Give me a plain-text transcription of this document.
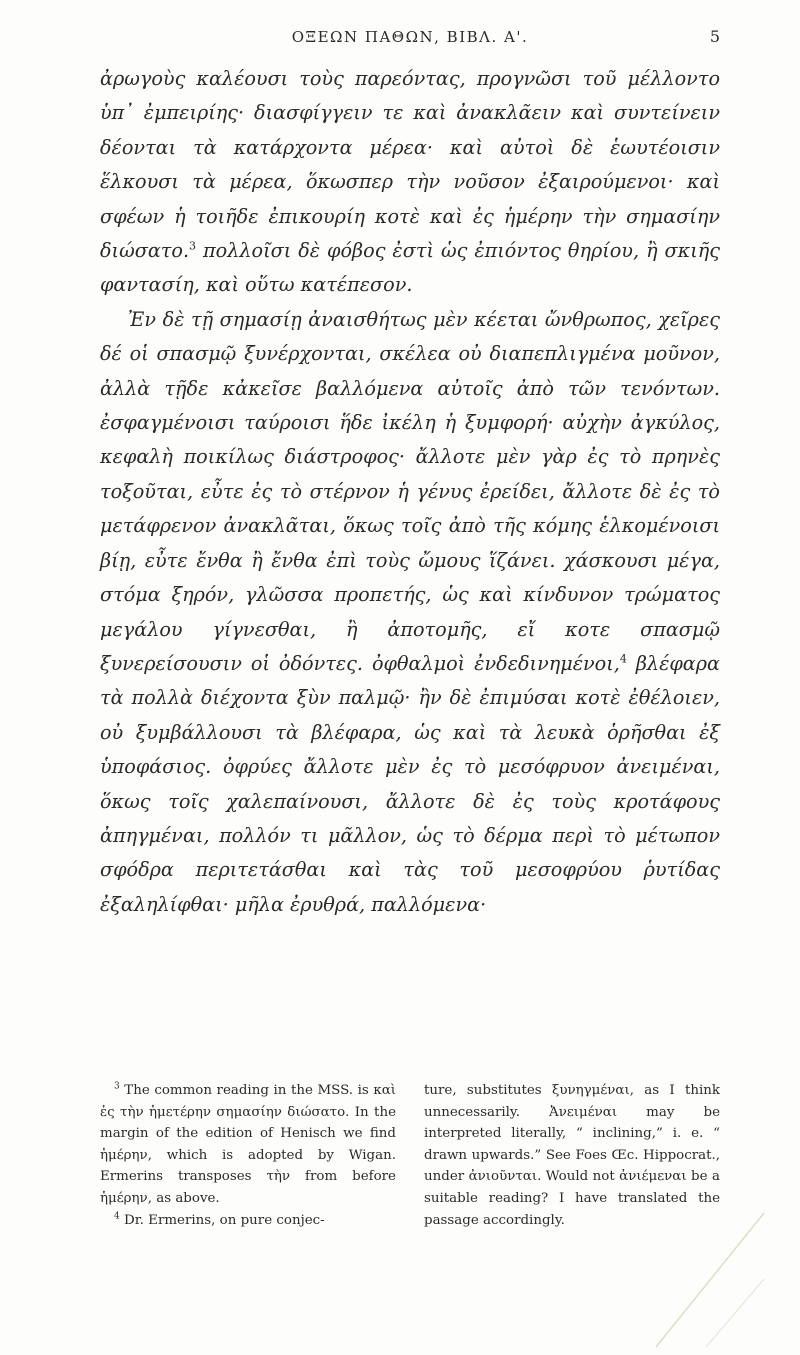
ΟΞΕΩΝ ΠΑΘΩΝ, ΒΙΒΛ. Α'.	5

ἀρωγοὺς καλέουσι τοὺς παρεόντας, προγνῶσι τοῦ μέλλοντο ὑπ᾿ ἐμπειρίης· διασφίγγειν τε καὶ ἀνακλᾶειν καὶ συντείνειν δέονται τὰ κατάρχοντα μέρεα· καὶ αὐτοὶ δὲ ἑωυτέοισιν ἕλκουσι τὰ μέρεα, ὅκωσπερ τὴν νοῦσον ἐξαιρούμενοι· καὶ σφέων ἡ τοιῆδε ἐπικουρίη κοτὲ καὶ ἐς ἡμέρην τὴν σημασίην διώσατο.$^3$ πολλοῖσι δὲ φόβος ἐστὶ ὡς ἐπιόντος θηρίου, ἢ σκιῆς φαντασίη, καὶ οὕτω κατέπεσον.

Ἐν δὲ τῇ σημασίῃ ἀναισθήτως μὲν κέεται ὤνθρωπος, χεῖρες δέ οἱ σπασμῷ ξυνέρχονται, σκέλεα οὐ διαπεπλιγμένα μοῦνον, ἀλλὰ τῇδε κἀκεῖσε βαλλόμενα αὐτοῖς ἀπὸ τῶν τενόντων. ἐσφαγμένοισι ταύροισι ἥδε ἰκέλη ἡ ξυμφορή· αὐχὴν ἀγκύλος, κεφαλὴ ποικίλως διάστροφος· ἄλλοτε μὲν γὰρ ἐς τὸ πρηνὲς τοξοῦται, εὖτε ἐς τὸ στέρνον ἡ γένυς ἐρείδει, ἄλλοτε δὲ ἐς τὸ μετάφρενον ἀνακλᾶται, ὅκως τοῖς ἀπὸ τῆς κόμης ἑλκομένοισι βίῃ, εὖτε ἔνθα ἢ ἔνθα ἐπὶ τοὺς ὤμους ἵζάνει. χάσκουσι μέγα, στόμα ξηρόν, γλῶσσα προπετής, ὡς καὶ κίνδυνον τρώματος μεγάλου γίγνεσθαι, ἢ ἀποτομῆς, εἴ κοτε σπασμῷ ξυνερείσουσιν οἱ ὀδόντες. ὀφθαλμοὶ ἐνδεδινημένοι,$^4$ βλέφαρα τὰ πολλὰ διέχοντα ξὺν παλμῷ· ἢν δὲ ἐπιμύσαι κοτὲ ἐθέλοιεν, οὐ ξυμβάλλουσι τὰ βλέφαρα, ὡς καὶ τὰ λευκὰ ὁρῆσθαι ἐξ ὑποφάσιος. ὀφρύες ἄλλοτε μὲν ἐς τὸ μεσόφρυον ἀνειμέναι, ὅκως τοῖς χαλεπαίνουσι, ἄλλοτε δὲ ἐς τοὺς κροτάφους ἀπηγμέναι, πολλόν τι μᾶλλον, ὡς τὸ δέρμα περὶ τὸ μέτωπον σφόδρα περιτετάσθαι καὶ τὰς τοῦ μεσοφρύου ῥυτίδας ἐξαληλίφθαι· μῆλα ἐρυθρά, παλλόμενα·

$^3$ The common reading in the MSS. is καὶ ἐς τὴν ἡμετέρην σημασίην διώσατο. In the margin of the edition of Henisch we find ἡμέρην, which is adopted by Wigan. Ermerins transposes τὴν from before ἡμέρην, as above.

$^4$ Dr. Ermerins, on pure conjec-

ture, substitutes ξυνηγμέναι, as I think unnecessarily. Ἀνειμέναι may be interpreted literally, “ inclining,” i. e. “ drawn upwards.” See Foes Œc. Hippocrat., under ἀνιοῦνται. Would not ἀνιέμεναι be a suitable reading? I have translated the passage accordingly.
